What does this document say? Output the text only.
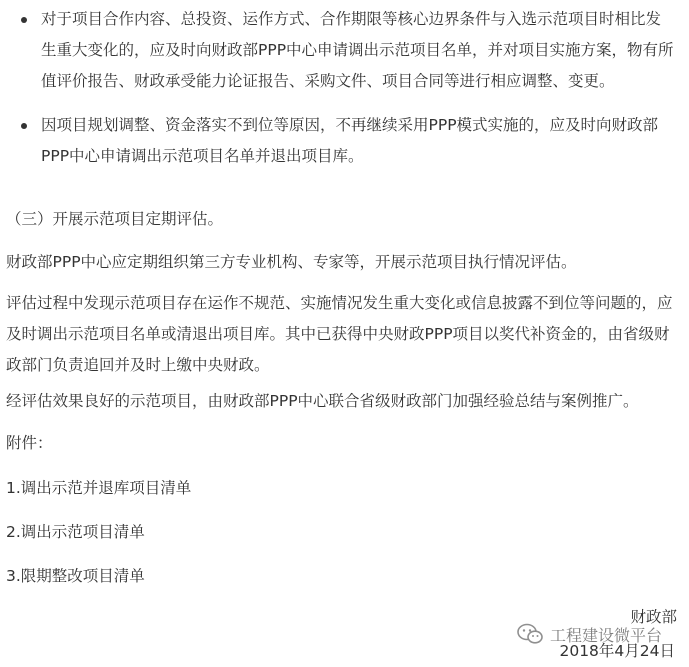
对于项目合作内容、总投资、运作方式、合作期限等核心边界条件与入选示范项目时相比发生重大变化的，应及时向财政部PPP中心申请调出示范项目名单，并对项目实施方案，物有所值评价报告、财政承受能力论证报告、采购文件、项目合同等进行相应调整、变更。
因项目规划调整、资金落实不到位等原因，不再继续采用PPP模式实施的，应及时向财政部PPP中心申请调出示范项目名单并退出项目库。

（三）开展示范项目定期评估。

财政部PPP中心应定期组织第三方专业机构、专家等，开展示范项目执行情况评估。

评估过程中发现示范项目存在运作不规范、实施情况发生重大变化或信息披露不到位等问题的，应及时调出示范项目名单或清退出项目库。其中已获得中央财政PPP项目以奖代补资金的，由省级财政部门负责追回并及时上缴中央财政。

经评估效果良好的示范项目，由财政部PPP中心联合省级财政部门加强经验总结与案例推广。

附件：

1.调出示范并退库项目清单

2.调出示范项目清单

3.限期整改项目清单

财政部
工程建设微平台
2018年4月24日
